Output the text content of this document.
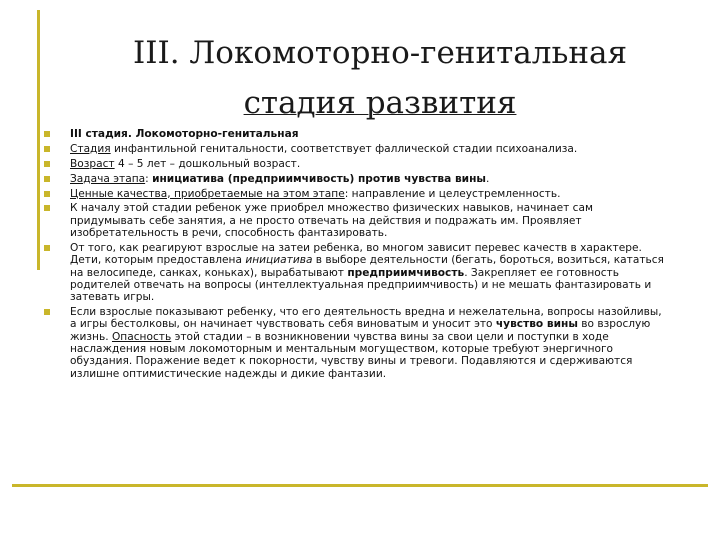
III. Локомоторно-генитальная
стадия развития
III стадия. Локомоторно-генитальная
Стадия инфантильной генитальности, соответствует фаллической стадии психоанализа.
Возраст 4 – 5 лет – дошкольный возраст.
Задача этапа: инициатива (предприимчивость) против чувства вины.
Ценные качества, приобретаемые на этом этапе: направление и целеустремленность.
К началу этой стадии ребенок уже приобрел множество физических навыков, начинает сам придумывать себе занятия, а не просто отвечать на действия и подражать им. Проявляет изобретательность в речи, способность фантазировать.
От того, как реагируют взрослые на затеи ребенка, во многом зависит перевес качеств в характере. Дети, которым предоставлена инициатива в выборе деятельности (бегать, бороться, возиться, кататься на велосипеде, санках, коньках), вырабатывают предприимчивость. Закрепляет ее готовность родителей отвечать на вопросы (интеллектуальная предприимчивость) и не мешать фантазировать и затевать игры.
Если взрослые показывают ребенку, что его деятельность вредна и нежелательна, вопросы назойливы, а игры бестолковы, он начинает чувствовать себя виноватым и уносит это чувство вины во взрослую жизнь. Опасность этой стадии – в возникновении чувства вины за свои цели и поступки в ходе наслаждения новым локомоторным и ментальным могуществом, которые требуют энергичного обуздания. Поражение ведет к покорности, чувству вины и тревоги. Подавляются и сдерживаются излишне оптимистические надежды и дикие фантазии.
